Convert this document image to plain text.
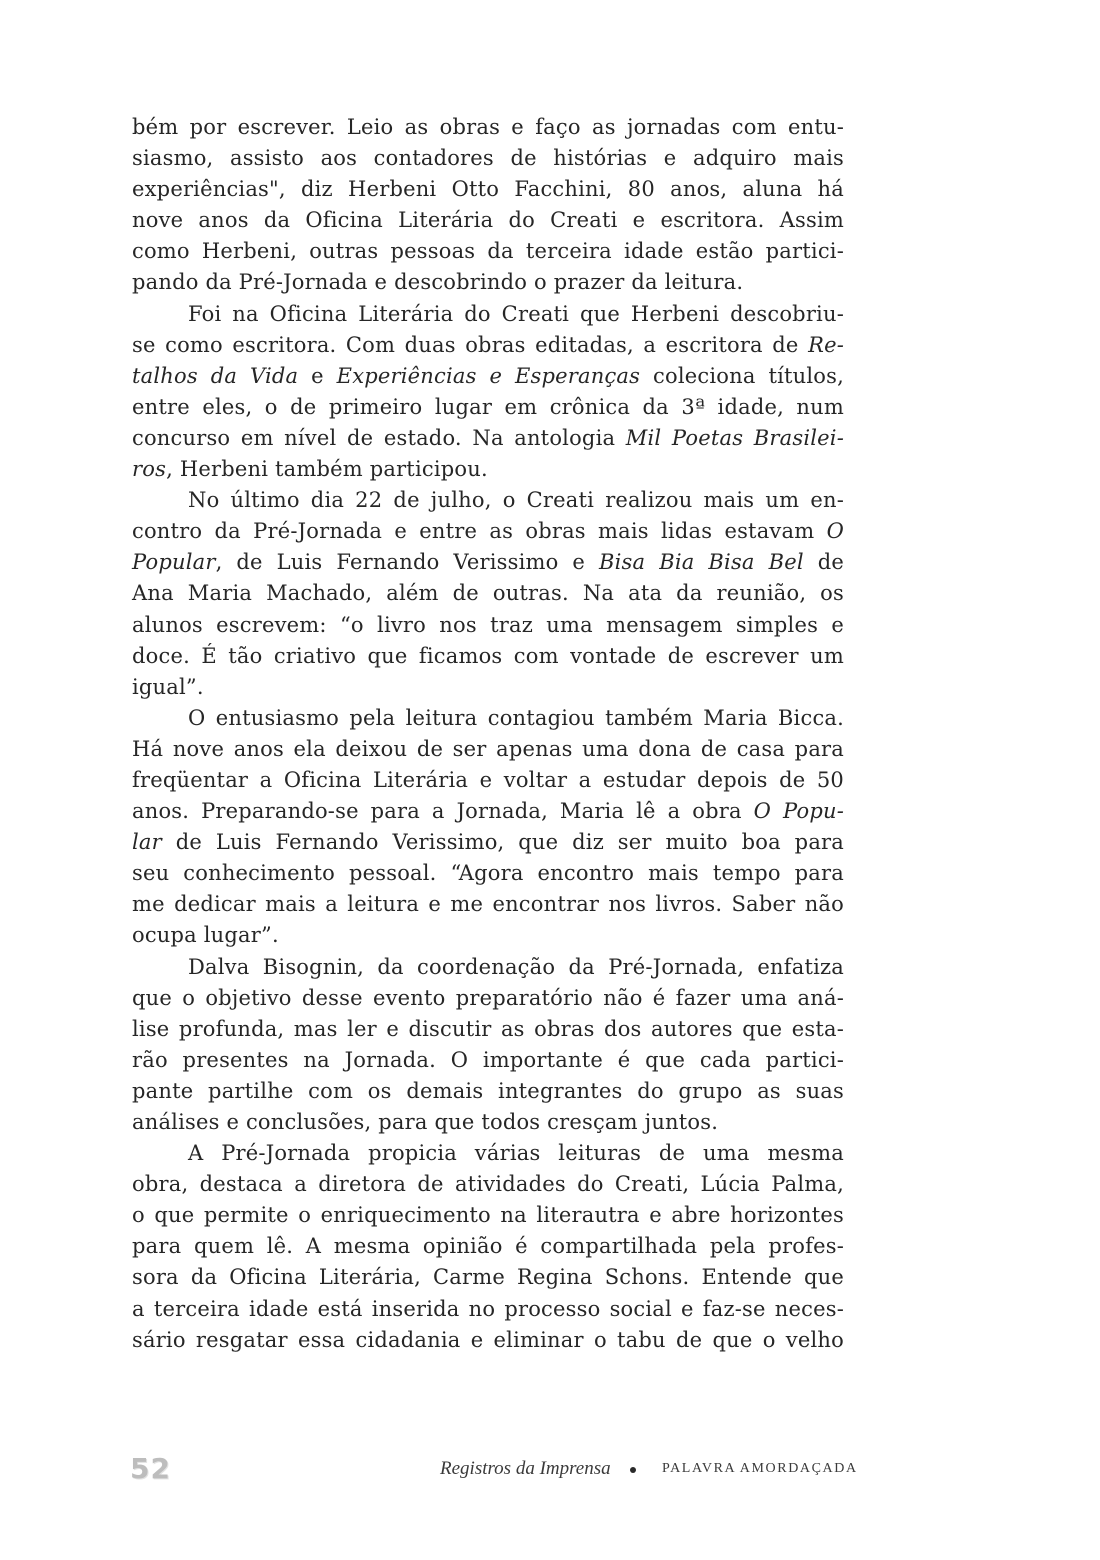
bém por escrever. Leio as obras e faço as jornadas com entu-
siasmo, assisto aos contadores de histórias e adquiro mais
experiências", diz Herbeni Otto Facchini, 80 anos, aluna há
nove anos da Oficina Literária do Creati e escritora. Assim
como Herbeni, outras pessoas da terceira idade estão partici-
pando da Pré-Jornada e descobrindo o prazer da leitura.
Foi na Oficina Literária do Creati que Herbeni descobriu-
se como escritora. Com duas obras editadas, a escritora de Re-
talhos da Vida e Experiências e Esperanças coleciona títulos,
entre eles, o de primeiro lugar em crônica da 3ª idade, num
concurso em nível de estado. Na antologia Mil Poetas Brasilei-
ros, Herbeni também participou.
No último dia 22 de julho, o Creati realizou mais um en-
contro da Pré-Jornada e entre as obras mais lidas estavam O
Popular, de Luis Fernando Verissimo e Bisa Bia Bisa Bel de
Ana Maria Machado, além de outras. Na ata da reunião, os
alunos escrevem: “o livro nos traz uma mensagem simples e
doce. É tão criativo que ficamos com vontade de escrever um
igual”.
O entusiasmo pela leitura contagiou também Maria Bicca.
Há nove anos ela deixou de ser apenas uma dona de casa para
freqüentar a Oficina Literária e voltar a estudar depois de 50
anos. Preparando-se para a Jornada, Maria lê a obra O Popu-
lar de Luis Fernando Verissimo, que diz ser muito boa para
seu conhecimento pessoal. “Agora encontro mais tempo para
me dedicar mais a leitura e me encontrar nos livros. Saber não
ocupa lugar”.
Dalva Bisognin, da coordenação da Pré-Jornada, enfatiza
que o objetivo desse evento preparatório não é fazer uma aná-
lise profunda, mas ler e discutir as obras dos autores que esta-
rão presentes na Jornada. O importante é que cada partici-
pante partilhe com os demais integrantes do grupo as suas
análises e conclusões, para que todos cresçam juntos.
A Pré-Jornada propicia várias leituras de uma mesma
obra, destaca a diretora de atividades do Creati, Lúcia Palma,
o que permite o enriquecimento na literautra e abre horizontes
para quem lê. A mesma opinião é compartilhada pela profes-
sora da Oficina Literária, Carme Regina Schons. Entende que
a terceira idade está inserida no processo social e faz-se neces-
sário resgatar essa cidadania e eliminar o tabu de que o velho
52	Registros da Imprensa	PALAVRA AMORDAÇADA
